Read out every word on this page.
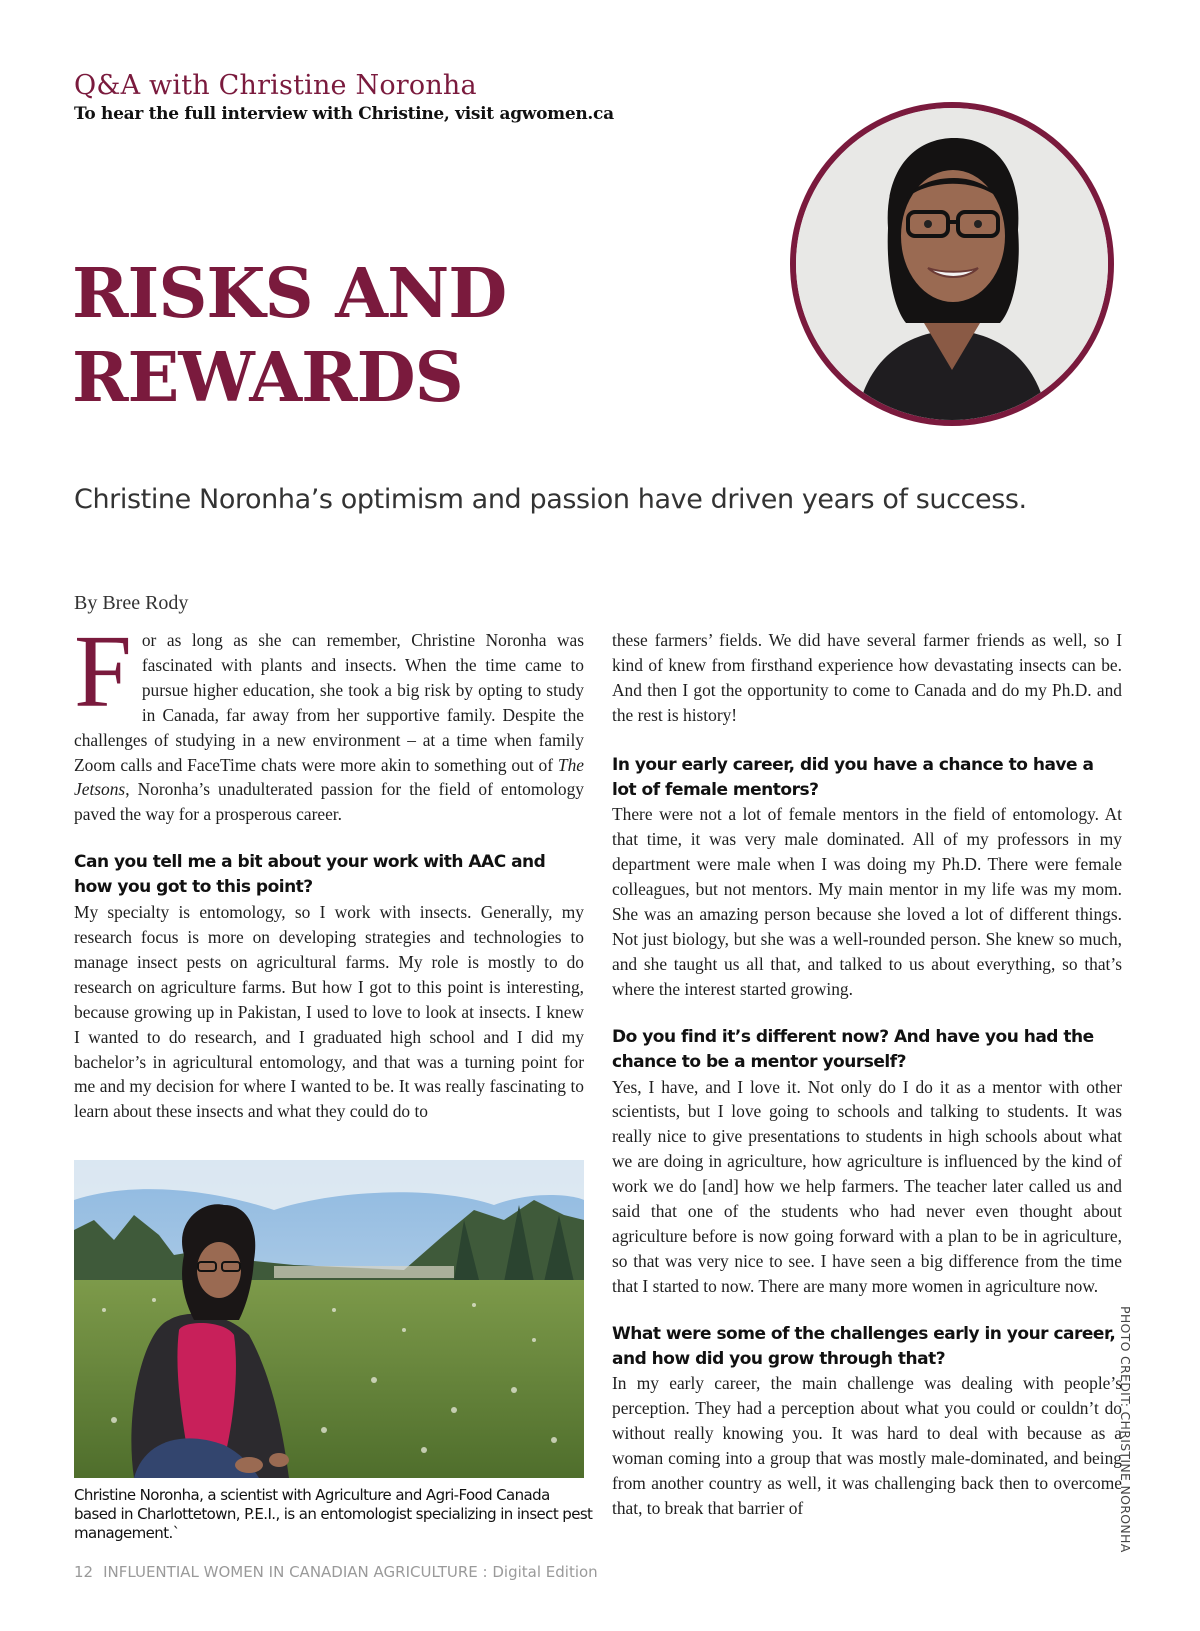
Q&A with Christine Noronha

To hear the full interview with Christine, visit agwomen.ca

RISKS AND
REWARDS
Christine Noronha’s optimism and passion have driven years of success.

By Bree Rody

For as long as she can remember, Christine Noronha was fascinated with plants and insects. When the time came to pursue higher education, she took a big risk by opting to study in Canada, far away from her supportive family. Despite the challenges of studying in a new environment – at a time when family Zoom calls and FaceTime chats were more akin to something out of The Jetsons, Noronha’s unadulterated passion for the field of entomology paved the way for a prosperous career.

Can you tell me a bit about your work with AAC and how you got to this point?

My specialty is entomology, so I work with insects. Generally, my research focus is more on developing strategies and technologies to manage insect pests on agricultural farms. My role is mostly to do research on agriculture farms. But how I got to this point is interesting, because growing up in Pakistan, I used to love to look at insects. I knew I wanted to do research, and I graduated high school and I did my bachelor’s in agricultural entomology, and that was a turning point for me and my decision for where I wanted to be. It was really fascinating to learn about these insects and what they could do to

Christine Noronha, a scientist with Agriculture and Agri-Food Canada based in Charlottetown, P.E.I., is an entomologist specializing in insect pest management.`

these farmers’ fields. We did have several farmer friends as well, so I kind of knew from firsthand experience how devastating insects can be. And then I got the opportunity to come to Canada and do my Ph.D. and the rest is history!

In your early career, did you have a chance to have a lot of female mentors?

There were not a lot of female mentors in the field of entomology. At that time, it was very male dominated. All of my professors in my department were male when I was doing my Ph.D. There were female colleagues, but not mentors. My main mentor in my life was my mom. She was an amazing person because she loved a lot of different things. Not just biology, but she was a well-rounded person. She knew so much, and she taught us all that, and talked to us about everything, so that’s where the interest started growing.

Do you find it’s different now? And have you had the chance to be a mentor yourself?

Yes, I have, and I love it. Not only do I do it as a mentor with other scientists, but I love going to schools and talking to students. It was really nice to give presentations to students in high schools about what we are doing in agriculture, how agriculture is influenced by the kind of work we do [and] how we help farmers. The teacher later called us and said that one of the students who had never even thought about agriculture before is now going forward with a plan to be in agriculture, so that was very nice to see. I have seen a big difference from the time that I started to now. There are many more women in agriculture now.

What were some of the challenges early in your career, and how did you grow through that?

In my early career, the main challenge was dealing with people’s perception. They had a perception about what you could or couldn’t do without really knowing you. It was hard to deal with because as a woman coming into a group that was mostly male-dominated, and being from another country as well, it was challenging back then to overcome that, to break that barrier of	PHOTO CREDIT: CHRISTINE NORONHA
12 INFLUENTIAL WOMEN IN CANADIAN AGRICULTURE : Digital Edition
